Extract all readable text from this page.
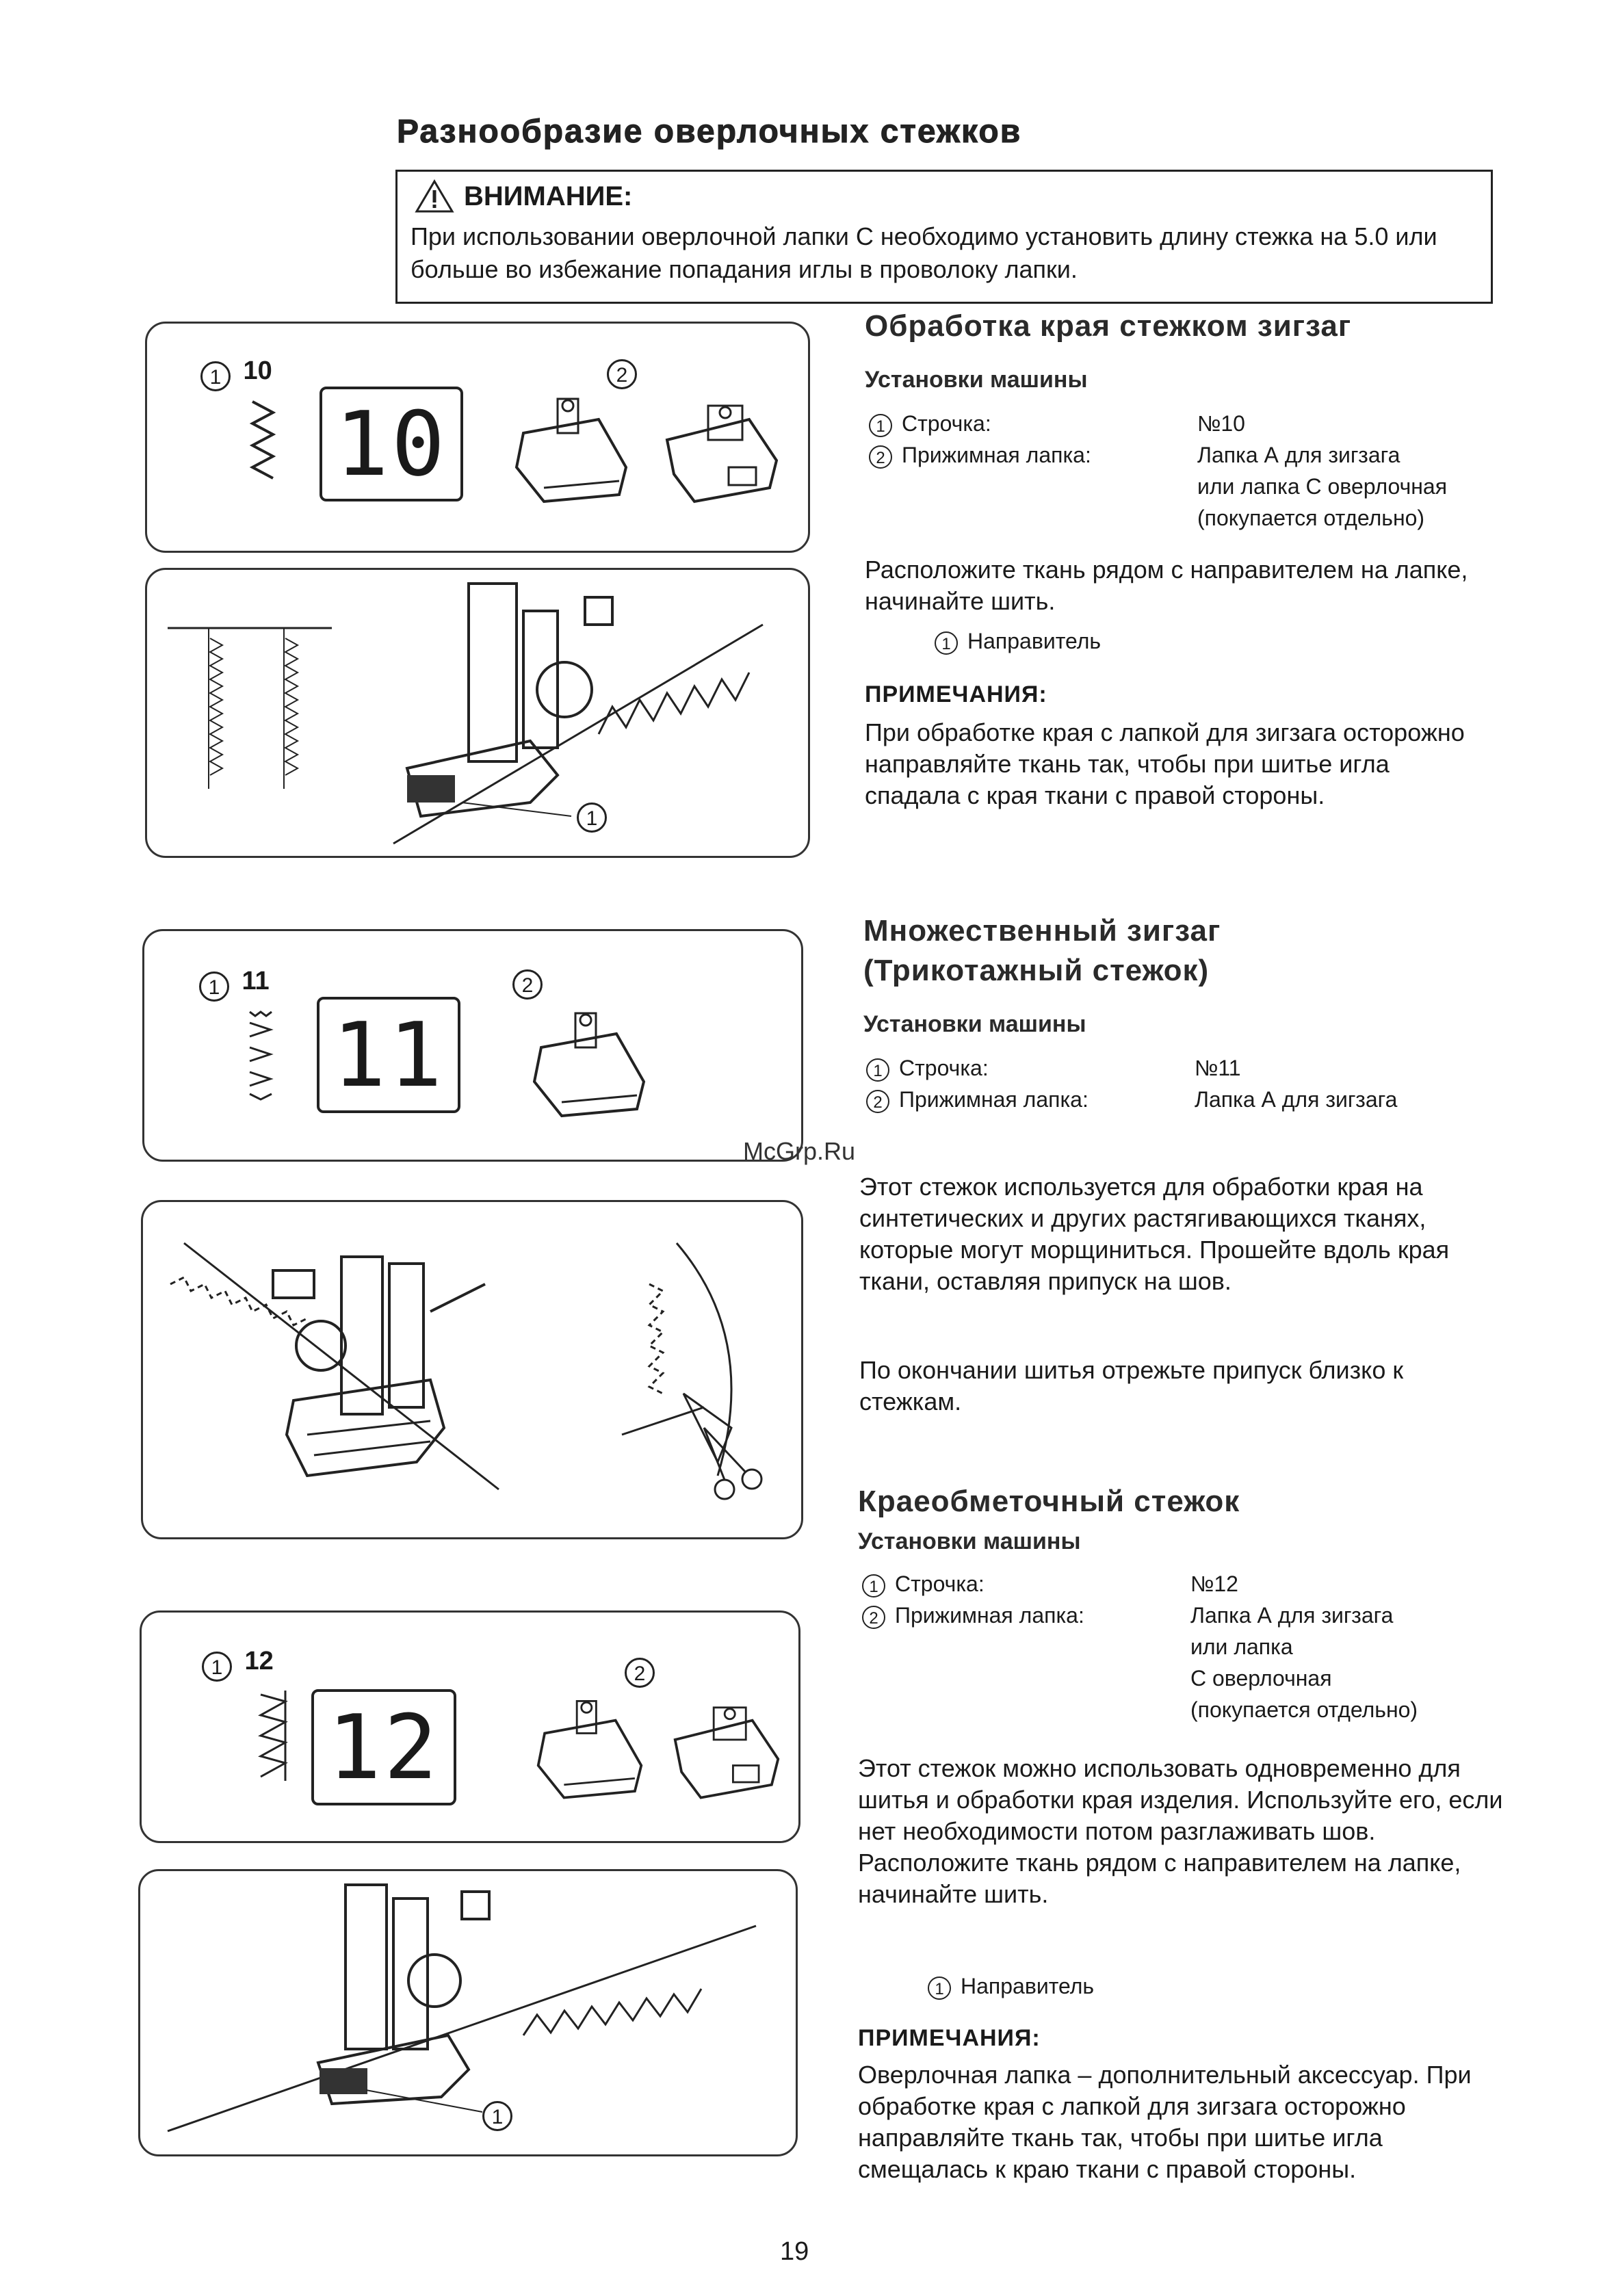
Разнообразие оверлочных стежков
ВНИМАНИЕ:
При использовании оверлочной лапки С необходимо установить длину стежка на 5.0 или больше во избежание попадания иглы в проволоку лапки.
1 10
10
2
1
Обработка края стежком зигзаг
Установки машины
1 Строчка:	№10
2 Прижимная лапка:	Лапка А для зигзага
или лапка С оверлочная
(покупается отдельно)
Расположите ткань рядом с направителем на лапке, начинайте шить.
1 Направитель
ПРИМЕЧАНИЯ:
При обработке края с лапкой для зигзага осторожно направляйте ткань так, чтобы при шитье игла спадала с края ткани с правой стороны.
1 11
11
2
Множественный зигзаг
(Трикотажный стежок)
Установки машины
1 Строчка:	№11
2 Прижимная лапка:	Лапка А для зигзага
McGrp.Ru
Этот стежок используется для обработки края на синтетических и других растягивающихся тканях, которые могут морщиниться. Прошейте вдоль края ткани, оставляя припуск на шов.
По окончании шитья отрежьте припуск близко к стежкам.
1 12
12
2
1
Краеобметочный стежок
Установки машины
1 Строчка:	№12
2 Прижимная лапка:	Лапка А для зигзага
или лапка
С оверлочная
(покупается отдельно)
Этот стежок можно использовать одновременно для шитья и обработки края изделия. Используйте его, если нет необходимости потом разглаживать шов. Расположите ткань рядом с направителем на лапке, начинайте шить.
1 Направитель
ПРИМЕЧАНИЯ:
Оверлочная лапка – дополнительный аксессуар. При обработке края с лапкой для зигзага осторожно направляйте ткань так, чтобы при шитье игла смещалась к краю ткани с правой стороны.
19
